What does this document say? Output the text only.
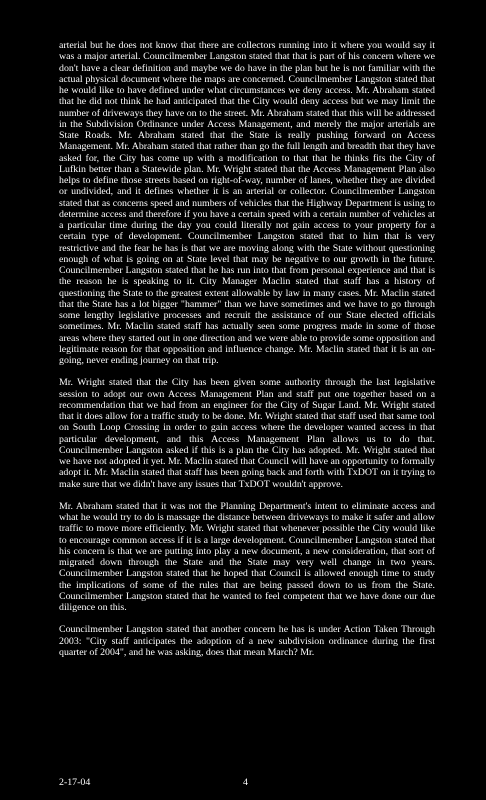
arterial but he does not know that there are collectors running into it where you would say it was a major arterial. Councilmember Langston stated that that is part of his concern where we don't have a clear definition and maybe we do have in the plan but he is not familiar with the actual physical document where the maps are concerned. Councilmember Langston stated that he would like to have defined under what circumstances we deny access. Mr. Abraham stated that he did not think he had anticipated that the City would deny access but we may limit the number of driveways they have on to the street. Mr. Abraham stated that this will be addressed in the Subdivision Ordinance under Access Management, and merely the major arterials are State Roads. Mr. Abraham stated that the State is really pushing forward on Access Management. Mr. Abraham stated that rather than go the full length and breadth that they have asked for, the City has come up with a modification to that that he thinks fits the City of Lufkin better than a Statewide plan. Mr. Wright stated that the Access Management Plan also helps to define those streets based on right-of-way, number of lanes, whether they are divided or undivided, and it defines whether it is an arterial or collector. Councilmember Langston stated that as concerns speed and numbers of vehicles that the Highway Department is using to determine access and therefore if you have a certain speed with a certain number of vehicles at a particular time during the day you could literally not gain access to your property for a certain type of development. Councilmember Langston stated that to him that is very restrictive and the fear he has is that we are moving along with the State without questioning enough of what is going on at State level that may be negative to our growth in the future. Councilmember Langston stated that he has run into that from personal experience and that is the reason he is speaking to it. City Manager Maclin stated that staff has a history of questioning the State to the greatest extent allowable by law in many cases. Mr. Maclin stated that the State has a lot bigger "hammer" than we have sometimes and we have to go through some lengthy legislative processes and recruit the assistance of our State elected officials sometimes. Mr. Maclin stated staff has actually seen some progress made in some of those areas where they started out in one direction and we were able to provide some opposition and legitimate reason for that opposition and influence change. Mr. Maclin stated that it is an on-going, never ending journey on that trip.

Mr. Wright stated that the City has been given some authority through the last legislative session to adopt our own Access Management Plan and staff put one together based on a recommendation that we had from an engineer for the City of Sugar Land. Mr. Wright stated that it does allow for a traffic study to be done. Mr. Wright stated that staff used that same tool on South Loop Crossing in order to gain access where the developer wanted access in that particular development, and this Access Management Plan allows us to do that. Councilmember Langston asked if this is a plan the City has adopted. Mr. Wright stated that we have not adopted it yet. Mr. Maclin stated that Council will have an opportunity to formally adopt it. Mr. Maclin stated that staff has been going back and forth with TxDOT on it trying to make sure that we didn't have any issues that TxDOT wouldn't approve.

Mr. Abraham stated that it was not the Planning Department's intent to eliminate access and what he would try to do is massage the distance between driveways to make it safer and allow traffic to move more efficiently. Mr. Wright stated that whenever possible the City would like to encourage common access if it is a large development. Councilmember Langston stated that his concern is that we are putting into play a new document, a new consideration, that sort of migrated down through the State and the State may very well change in two years. Councilmember Langston stated that he hoped that Council is allowed enough time to study the implications of some of the rules that are being passed down to us from the State. Councilmember Langston stated that he wanted to feel competent that we have done our due diligence on this.

Councilmember Langston stated that another concern he has is under Action Taken Through 2003: "City staff anticipates the adoption of a new subdivision ordinance during the first quarter of 2004", and he was asking, does that mean March? Mr.

2-17-04	4
